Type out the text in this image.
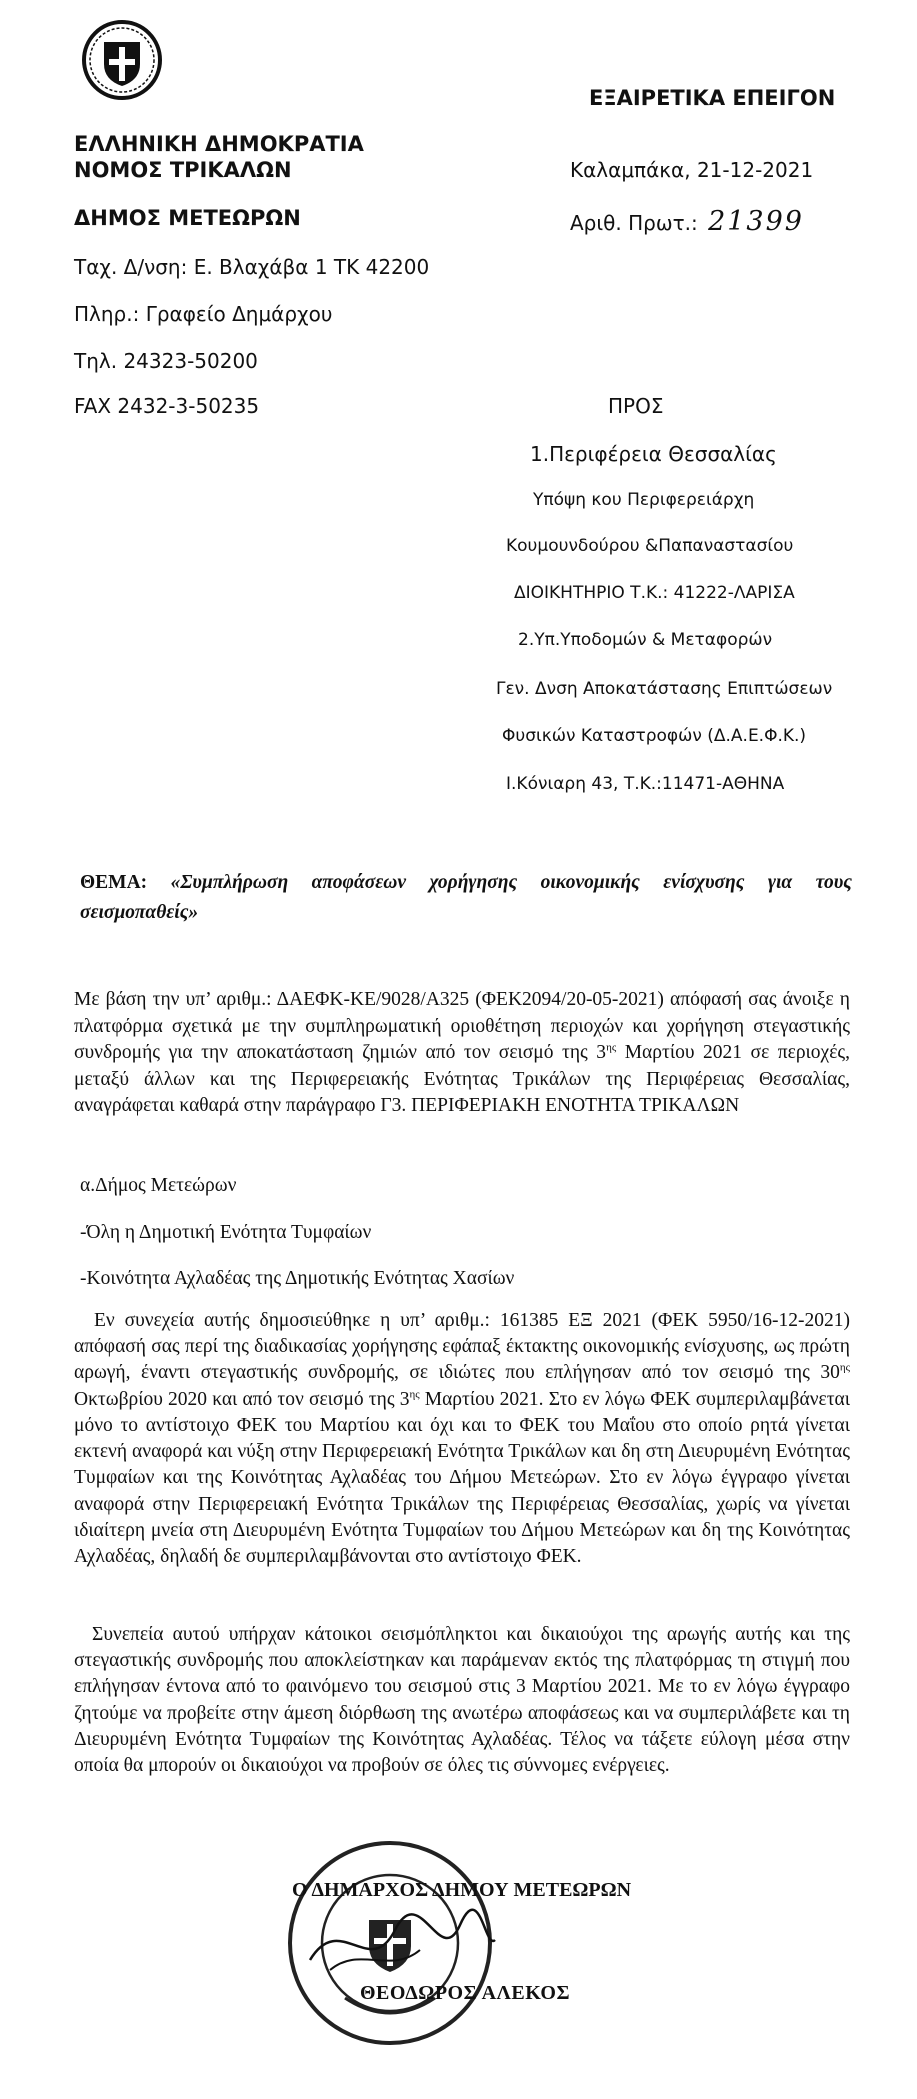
ΕΞΑΙΡΕΤΙΚΑ ΕΠΕΙΓΟΝ
ΕΛΛΗΝΙΚΗ ΔΗΜΟΚΡΑΤΙΑ
ΝΟΜΟΣ ΤΡΙΚΑΛΩΝ	Καλαμπάκα, 21-12-2021
ΔΗΜΟΣ ΜΕΤΕΩΡΩΝ	Αριθ. Πρωτ.: 21399
Ταχ. Δ/νση: Ε. Βλαχάβα 1 ΤΚ 42200
Πληρ.: Γραφείο Δημάρχου
Τηλ. 24323-50200
FAX 2432-3-50235	ΠΡΟΣ
1.Περιφέρεια Θεσσαλίας
Υπόψη κου Περιφερειάρχη
Κουμουνδούρου &Παπαναστασίου
ΔΙΟΙΚΗΤΗΡΙΟ Τ.Κ.: 41222-ΛΑΡΙΣΑ
2.Υπ.Υποδομών & Μεταφορών
Γεν. Δνση Αποκατάστασης Επιπτώσεων
Φυσικών Καταστροφών (Δ.Α.Ε.Φ.Κ.)
Ι.Κόνιαρη 43, Τ.Κ.:11471-ΑΘΗΝΑ
ΘΕΜΑ: «Συμπλήρωση αποφάσεων χορήγησης οικονομικής ενίσχυσης για τους
σεισμοπαθείς»
Με βάση την υπ’ αριθμ.: ΔΑΕΦΚ-ΚΕ/9028/Α325 (ΦΕΚ2094/20-05-2021) απόφασή σας άνοιξε η πλατφόρμα σχετικά με την συμπληρωματική οριοθέτηση περιοχών και χορήγηση στεγαστικής συνδρομής για την αποκατάσταση ζημιών από τον σεισμό της $3^{\eta\varsigma}$ Μαρτίου 2021 σε περιοχές, μεταξύ άλλων και της Περιφερειακής Ενότητας Τρικάλων της Περιφέρειας Θεσσαλίας, αναγράφεται καθαρά στην παράγραφο Γ3. ΠΕΡΙΦΕΡΙΑΚΗ ΕΝΟΤΗΤΑ ΤΡΙΚΑΛΩΝ
α.Δήμος Μετεώρων
-Όλη η Δημοτική Ενότητα Τυμφαίων
-Κοινότητα Αχλαδέας της Δημοτικής Ενότητας Χασίων
Εν συνεχεία αυτής δημοσιεύθηκε η υπ’ αριθμ.: 161385 ΕΞ 2021 (ΦΕΚ 5950/16-12-2021) απόφασή σας περί της διαδικασίας χορήγησης εφάπαξ έκτακτης οικονομικής ενίσχυσης, ως πρώτη αρωγή, έναντι στεγαστικής συνδρομής, σε ιδιώτες που επλήγησαν από τον σεισμό της $30^{\eta\varsigma}$ Οκτωβρίου 2020 και από τον σεισμό της $3^{\eta\varsigma}$ Μαρτίου 2021. Στο εν λόγω ΦΕΚ συμπεριλαμβάνεται μόνο το αντίστοιχο ΦΕΚ του Μαρτίου και όχι και το ΦΕΚ του Μαΐου στο οποίο ρητά γίνεται εκτενή αναφορά και νύξη στην Περιφερειακή Ενότητα Τρικάλων και δη στη Διευρυμένη Ενότητας Τυμφαίων και της Κοινότητας Αχλαδέας του Δήμου Μετεώρων. Στο εν λόγω έγγραφο γίνεται αναφορά στην Περιφερειακή Ενότητα Τρικάλων της Περιφέρειας Θεσσαλίας, χωρίς να γίνεται ιδιαίτερη μνεία στη Διευρυμένη Ενότητα Τυμφαίων του Δήμου Μετεώρων και δη της Κοινότητας Αχλαδέας, δηλαδή δε συμπεριλαμβάνονται στο αντίστοιχο ΦΕΚ.
Συνεπεία αυτού υπήρχαν κάτοικοι σεισμόπληκτοι και δικαιούχοι της αρωγής αυτής και της στεγαστικής συνδρομής που αποκλείστηκαν και παράμεναν εκτός της πλατφόρμας τη στιγμή που επλήγησαν έντονα από το φαινόμενο του σεισμού στις 3 Μαρτίου 2021. Με το εν λόγω έγγραφο ζητούμε να προβείτε στην άμεση διόρθωση της ανωτέρω αποφάσεως και να συμπεριλάβετε και τη Διευρυμένη Ενότητα Τυμφαίων της Κοινότητας Αχλαδέας. Τέλος να τάξετε εύλογη μέσα στην οποία θα μπορούν οι δικαιούχοι να προβούν σε όλες τις σύννομες ενέργειες.
Ο ΔΗΜΑΡΧΟΣ ΔΗΜΟΥ ΜΕΤΕΩΡΩΝ
ΘΕΟΔΩΡΟΣ ΑΛΕΚΟΣ
